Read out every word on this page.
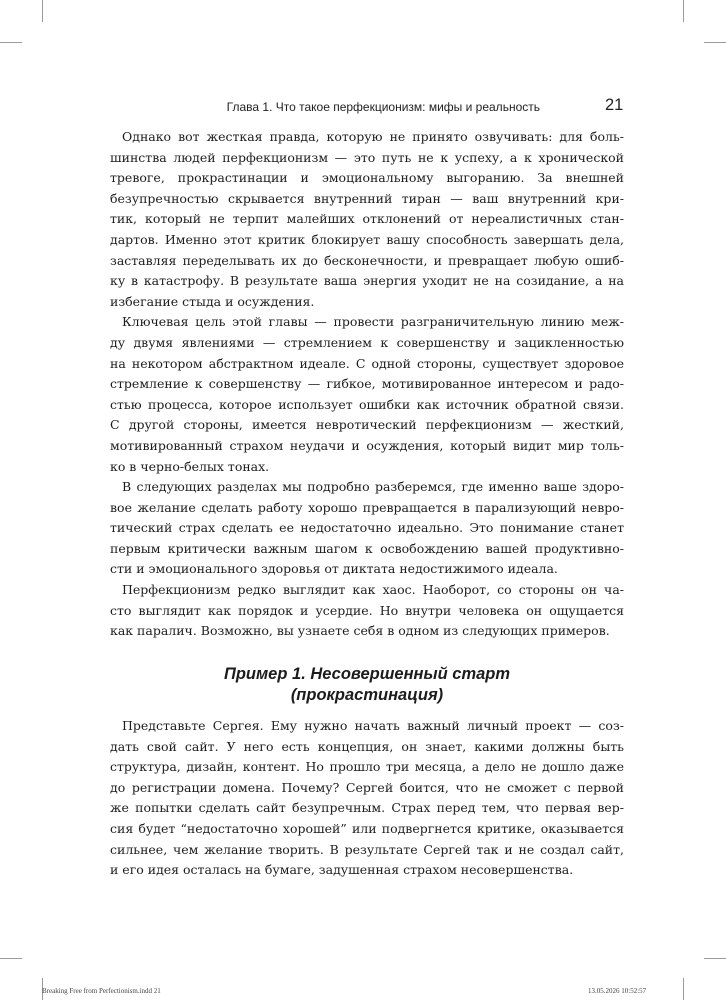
Глава 1. Что такое перфекционизм: мифы и реальность	21
Однако вот жесткая правда, которую не принято озвучивать: для боль-
шинства людей перфекционизм — это путь не к успеху, а к хронической
тревоге, прокрастинации и эмоциональному выгоранию. За внешней
безупречностью скрывается внутренний тиран — ваш внутренний кри-
тик, который не терпит малейших отклонений от нереалистичных стан-
дартов. Именно этот критик блокирует вашу способность завершать дела,
заставляя переделывать их до бесконечности, и превращает любую ошиб-
ку в катастрофу. В результате ваша энергия уходит не на созидание, а на
избегание стыда и осуждения.
Ключевая цель этой главы — провести разграничительную линию меж-
ду двумя явлениями — стремлением к совершенству и зацикленностью
на некотором абстрактном идеале. С одной стороны, существует здоровое
стремление к совершенству — гибкое, мотивированное интересом и радо-
стью процесса, которое использует ошибки как источник обратной связи.
С другой стороны, имеется невротический перфекционизм — жесткий,
мотивированный страхом неудачи и осуждения, который видит мир толь-
ко в черно-белых тонах.
В следующих разделах мы подробно разберемся, где именно ваше здоро-
вое желание сделать работу хорошо превращается в парализующий невро-
тический страх сделать ее недостаточно идеально. Это понимание станет
первым критически важным шагом к освобождению вашей продуктивно-
сти и эмоционального здоровья от диктата недостижимого идеала.
Перфекционизм редко выглядит как хаос. Наоборот, со стороны он ча-
сто выглядит как порядок и усердие. Но внутри человека он ощущается
как паралич. Возможно, вы узнаете себя в одном из следующих примеров.
Пример 1. Несовершенный старт
(прокрастинация)
Представьте Сергея. Ему нужно начать важный личный проект — соз-
дать свой сайт. У него есть концепция, он знает, какими должны быть
структура, дизайн, контент. Но прошло три месяца, а дело не дошло даже
до регистрации домена. Почему? Сергей боится, что не сможет с первой
же попытки сделать сайт безупречным. Страх перед тем, что первая вер-
сия будет “недостаточно хорошей” или подвергнется критике, оказывается
сильнее, чем желание творить. В результате Сергей так и не создал сайт,
и его идея осталась на бумаге, задушенная страхом несовершенства.
Breaking Free from Perfectionism.indd 21	13.05.2026 10:52:57
